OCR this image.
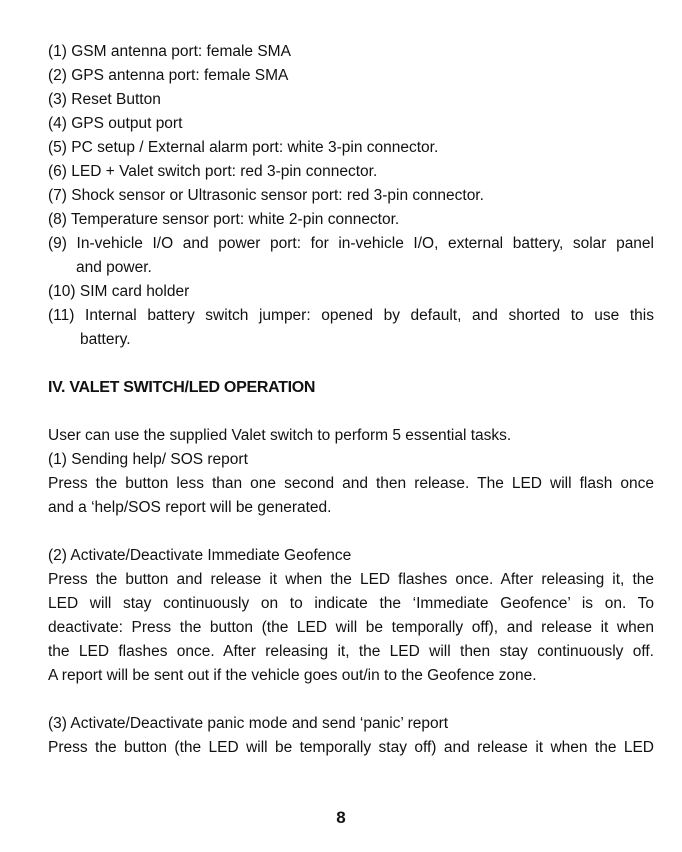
(1) GSM antenna port: female SMA
(2) GPS antenna port: female SMA
(3) Reset Button
(4) GPS output port
(5) PC setup / External alarm port: white 3-pin connector.
(6) LED + Valet switch port: red 3-pin connector.
(7) Shock sensor or Ultrasonic sensor port: red 3-pin connector.
(8) Temperature sensor port: white 2-pin connector.
(9) In-vehicle I/O and power port: for in-vehicle I/O, external battery, solar panel
and power.
(10) SIM card holder
(11) Internal battery switch jumper: opened by default, and shorted to use this
battery.
IV. VALET SWITCH/LED OPERATION
User can use the supplied Valet switch to perform 5 essential tasks.
(1) Sending help/ SOS report
Press the button less than one second and then release. The LED will flash once
and a ‘help/SOS report will be generated.
(2) Activate/Deactivate Immediate Geofence
Press the button and release it when the LED flashes once. After releasing it, the
LED will stay continuously on to indicate the ‘Immediate Geofence’ is on. To
deactivate: Press the button (the LED will be temporally off), and release it when
the LED flashes once. After releasing it, the LED will then stay continuously off.
A report will be sent out if the vehicle goes out/in to the Geofence zone.
(3) Activate/Deactivate panic mode and send ‘panic’ report
Press the button (the LED will be temporally stay off) and release it when the LED
8
